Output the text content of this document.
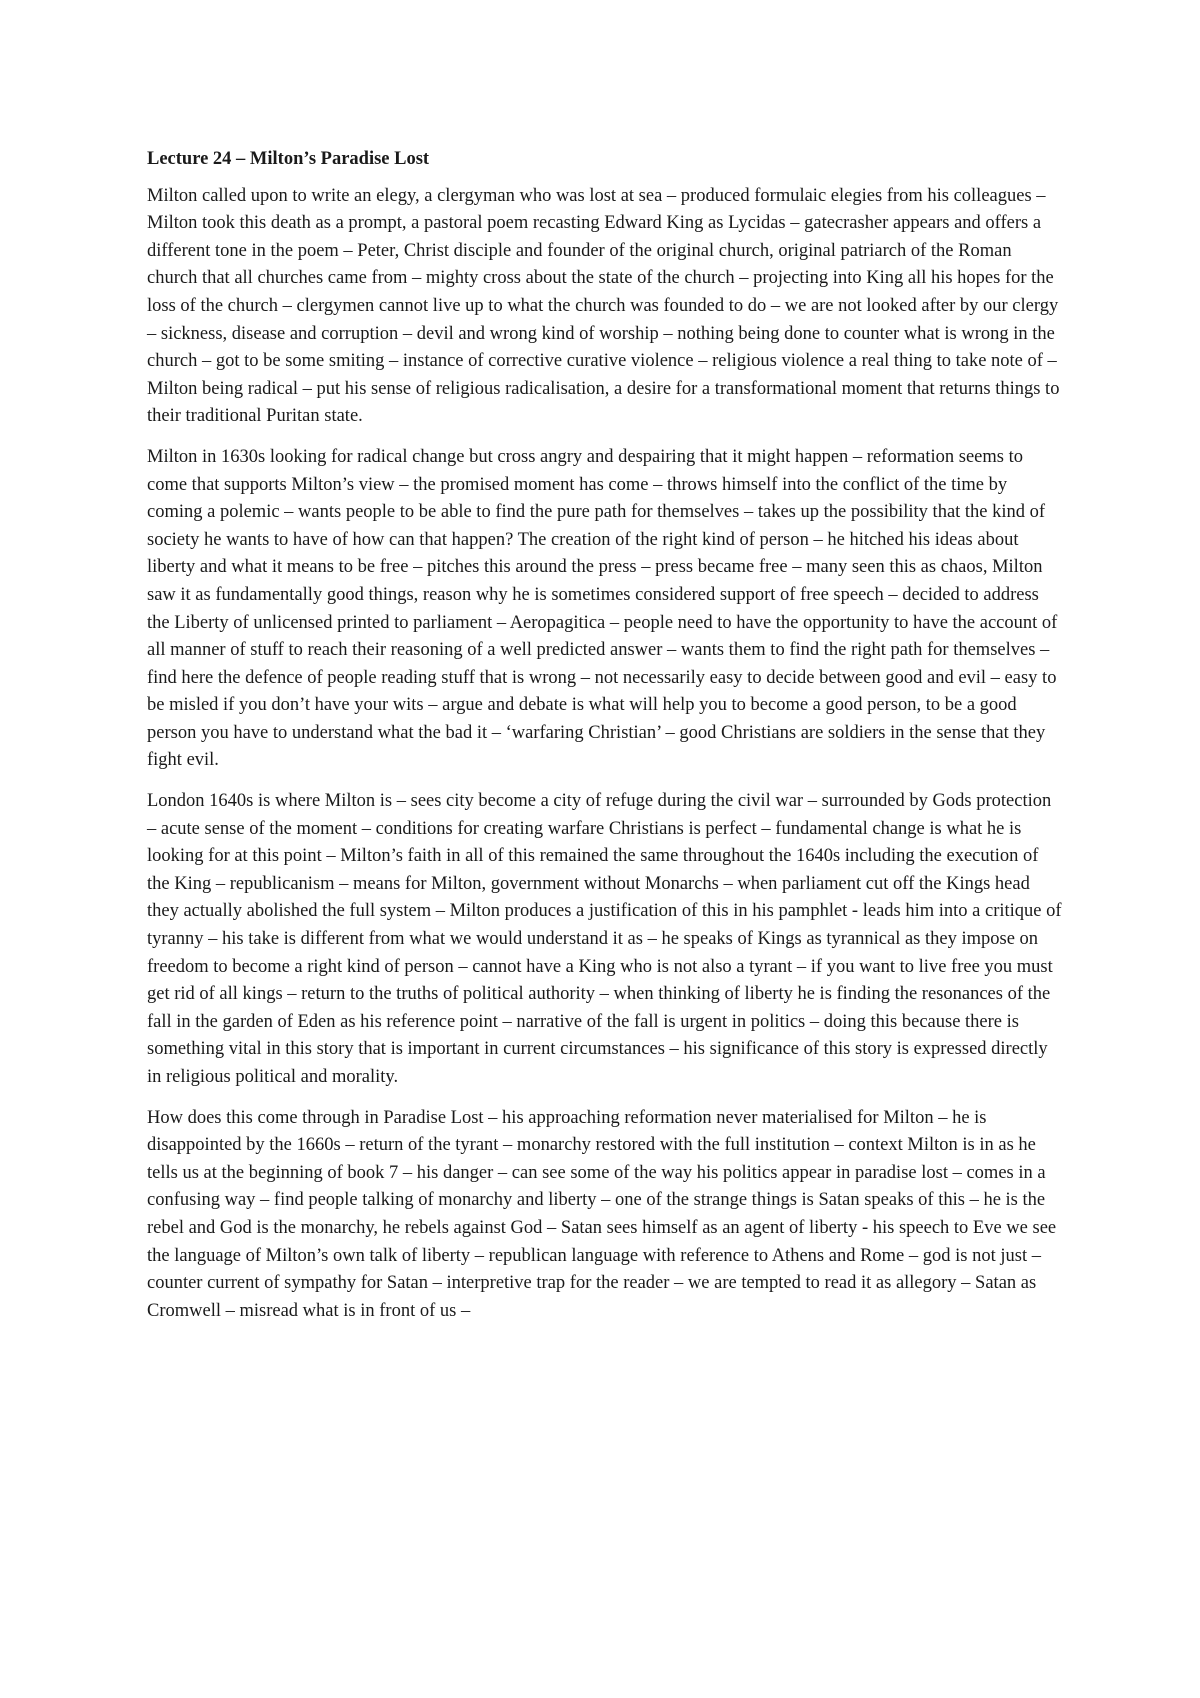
Lecture 24 – Milton’s Paradise Lost

Milton called upon to write an elegy, a clergyman who was lost at sea – produced formulaic elegies from his colleagues – Milton took this death as a prompt, a pastoral poem recasting Edward King as Lycidas – gatecrasher appears and offers a different tone in the poem – Peter, Christ disciple and founder of the original church, original patriarch of the Roman church that all churches came from – mighty cross about the state of the church – projecting into King all his hopes for the loss of the church – clergymen cannot live up to what the church was founded to do – we are not looked after by our clergy – sickness, disease and corruption – devil and wrong kind of worship – nothing being done to counter what is wrong in the church – got to be some smiting – instance of corrective curative violence – religious violence a real thing to take note of – Milton being radical – put his sense of religious radicalisation, a desire for a transformational moment that returns things to their traditional Puritan state.

Milton in 1630s looking for radical change but cross angry and despairing that it might happen – reformation seems to come that supports Milton’s view – the promised moment has come – throws himself into the conflict of the time by coming a polemic – wants people to be able to find the pure path for themselves – takes up the possibility that the kind of society he wants to have of how can that happen? The creation of the right kind of person – he hitched his ideas about liberty and what it means to be free – pitches this around the press – press became free – many seen this as chaos, Milton saw it as fundamentally good things, reason why he is sometimes considered support of free speech – decided to address the Liberty of unlicensed printed to parliament – Aeropagitica – people need to have the opportunity to have the account of all manner of stuff to reach their reasoning of a well predicted answer – wants them to find the right path for themselves – find here the defence of people reading stuff that is wrong – not necessarily easy to decide between good and evil – easy to be misled if you don’t have your wits – argue and debate is what will help you to become a good person, to be a good person you have to understand what the bad it – ‘warfaring Christian’ – good Christians are soldiers in the sense that they fight evil.

London 1640s is where Milton is – sees city become a city of refuge during the civil war – surrounded by Gods protection – acute sense of the moment – conditions for creating warfare Christians is perfect – fundamental change is what he is looking for at this point – Milton’s faith in all of this remained the same throughout the 1640s including the execution of the King – republicanism – means for Milton, government without Monarchs – when parliament cut off the Kings head they actually abolished the full system – Milton produces a justification of this in his pamphlet - leads him into a critique of tyranny – his take is different from what we would understand it as – he speaks of Kings as tyrannical as they impose on freedom to become a right kind of person – cannot have a King who is not also a tyrant – if you want to live free you must get rid of all kings – return to the truths of political authority – when thinking of liberty he is finding the resonances of the fall in the garden of Eden as his reference point – narrative of the fall is urgent in politics – doing this because there is something vital in this story that is important in current circumstances – his significance of this story is expressed directly in religious political and morality.

How does this come through in Paradise Lost – his approaching reformation never materialised for Milton – he is disappointed by the 1660s – return of the tyrant – monarchy restored with the full institution – context Milton is in as he tells us at the beginning of book 7 – his danger – can see some of the way his politics appear in paradise lost – comes in a confusing way – find people talking of monarchy and liberty – one of the strange things is Satan speaks of this – he is the rebel and God is the monarchy, he rebels against God – Satan sees himself as an agent of liberty - his speech to Eve we see the language of Milton’s own talk of liberty – republican language with reference to Athens and Rome – god is not just – counter current of sympathy for Satan – interpretive trap for the reader – we are tempted to read it as allegory – Satan as Cromwell – misread what is in front of us –
